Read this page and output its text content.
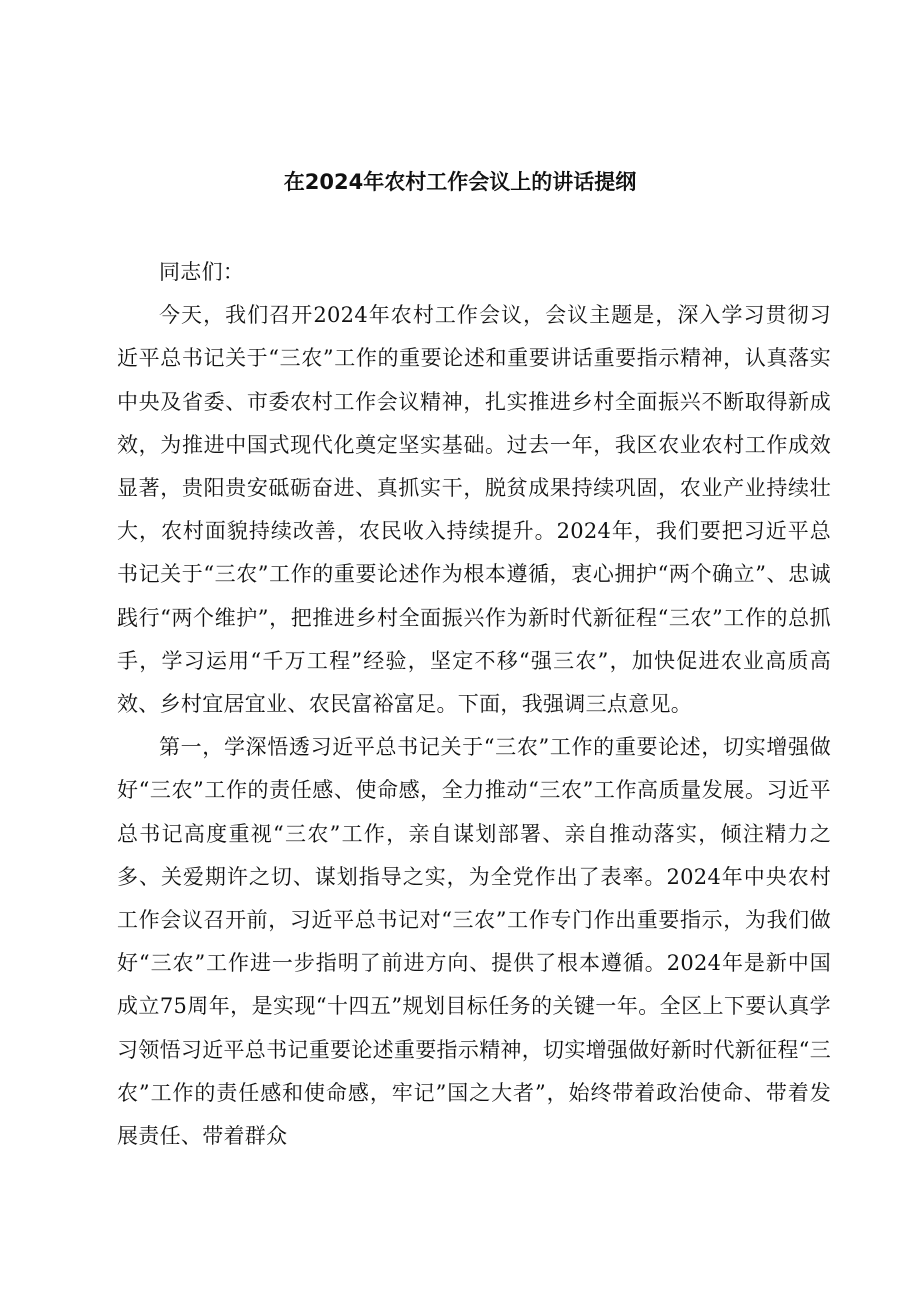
在2024年农村工作会议上的讲话提纲

同志们：

今天，我们召开2024年农村工作会议，会议主题是，深入学习贯彻习近平总书记关于“三农”工作的重要论述和重要讲话重要指示精神，认真落实中央及省委、市委农村工作会议精神，扎实推进乡村全面振兴不断取得新成效，为推进中国式现代化奠定坚实基础。过去一年，我区农业农村工作成效显著，贵阳贵安砥砺奋进、真抓实干，脱贫成果持续巩固，农业产业持续壮大，农村面貌持续改善，农民收入持续提升。2024年，我们要把习近平总书记关于“三农”工作的重要论述作为根本遵循，衷心拥护“两个确立”、忠诚践行“两个维护”，把推进乡村全面振兴作为新时代新征程“三农”工作的总抓手，学习运用“千万工程”经验，坚定不移“强三农”，加快促进农业高质高效、乡村宜居宜业、农民富裕富足。下面，我强调三点意见。

第一，学深悟透习近平总书记关于“三农”工作的重要论述，切实增强做好“三农”工作的责任感、使命感，全力推动“三农”工作高质量发展。习近平总书记高度重视“三农”工作，亲自谋划部署、亲自推动落实，倾注精力之多、关爱期许之切、谋划指导之实，为全党作出了表率。2024年中央农村工作会议召开前，习近平总书记对“三农”工作专门作出重要指示，为我们做好“三农”工作进一步指明了前进方向、提供了根本遵循。2024年是新中国成立75周年，是实现“十四五”规划目标任务的关键一年。全区上下要认真学习领悟习近平总书记重要论述重要指示精神，切实增强做好新时代新征程“三农”工作的责任感和使命感，牢记”国之大者”，始终带着政治使命、带着发展责任、带着群众
